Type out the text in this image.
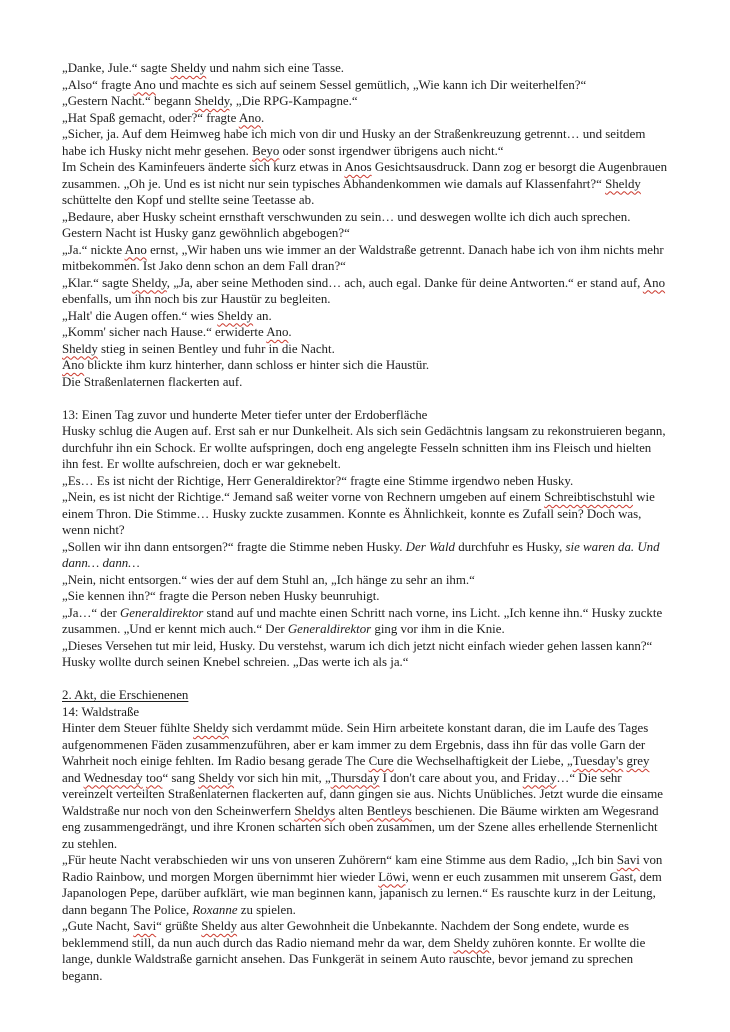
„Danke, Jule.“ sagte Sheldy und nahm sich eine Tasse.
„Also“ fragte Ano und machte es sich auf seinem Sessel gemütlich, „Wie kann ich Dir weiterhelfen?“
„Gestern Nacht.“ begann Sheldy, „Die RPG-Kampagne.“
„Hat Spaß gemacht, oder?“ fragte Ano.
„Sicher, ja. Auf dem Heimweg habe ich mich von dir und Husky an der Straßenkreuzung getrennt… und seitdem habe ich Husky nicht mehr gesehen. Beyo oder sonst irgendwer übrigens auch nicht.“
Im Schein des Kaminfeuers änderte sich kurz etwas in Anos Gesichtsausdruck. Dann zog er besorgt die Augenbrauen zusammen. „Oh je. Und es ist nicht nur sein typisches Abhandenkommen wie damals auf Klassenfahrt?“ Sheldy schüttelte den Kopf und stellte seine Teetasse ab.
„Bedaure, aber Husky scheint ernsthaft verschwunden zu sein… und deswegen wollte ich dich auch sprechen. Gestern Nacht ist Husky ganz gewöhnlich abgebogen?“
„Ja.“ nickte Ano ernst, „Wir haben uns wie immer an der Waldstraße getrennt. Danach habe ich von ihm nichts mehr mitbekommen. Ist Jako denn schon an dem Fall dran?“
„Klar.“ sagte Sheldy, „Ja, aber seine Methoden sind… ach, auch egal. Danke für deine Antworten.“ er stand auf, Ano ebenfalls, um ihn noch bis zur Haustür zu begleiten.
„Halt' die Augen offen.“ wies Sheldy an.
„Komm' sicher nach Hause.“ erwiderte Ano.
Sheldy stieg in seinen Bentley und fuhr in die Nacht.
Ano blickte ihm kurz hinterher, dann schloss er hinter sich die Haustür.
Die Straßenlaternen flackerten auf.

13: Einen Tag zuvor und hunderte Meter tiefer unter der Erdoberfläche
Husky schlug die Augen auf. Erst sah er nur Dunkelheit. Als sich sein Gedächtnis langsam zu rekonstruieren begann, durchfuhr ihn ein Schock. Er wollte aufspringen, doch eng angelegte Fesseln schnitten ihm ins Fleisch und hielten ihn fest. Er wollte aufschreien, doch er war geknebelt.
„Es… Es ist nicht der Richtige, Herr Generaldirektor?“ fragte eine Stimme irgendwo neben Husky.
„Nein, es ist nicht der Richtige.“ Jemand saß weiter vorne von Rechnern umgeben auf einem Schreibtischstuhl wie einem Thron. Die Stimme… Husky zuckte zusammen. Konnte es Ähnlichkeit, konnte es Zufall sein? Doch was, wenn nicht?
„Sollen wir ihn dann entsorgen?“ fragte die Stimme neben Husky. Der Wald durchfuhr es Husky, sie waren da. Und dann… dann…
„Nein, nicht entsorgen.“ wies der auf dem Stuhl an, „Ich hänge zu sehr an ihm.“
„Sie kennen ihn?“ fragte die Person neben Husky beunruhigt.
„Ja…“ der Generaldirektor stand auf und machte einen Schritt nach vorne, ins Licht. „Ich kenne ihn.“ Husky zuckte zusammen. „Und er kennt mich auch.“ Der Generaldirektor ging vor ihm in die Knie.
„Dieses Versehen tut mir leid, Husky. Du verstehst, warum ich dich jetzt nicht einfach wieder gehen lassen kann?“ Husky wollte durch seinen Knebel schreien. „Das werte ich als ja.“

2. Akt, die Erschienenen
14: Waldstraße
Hinter dem Steuer fühlte Sheldy sich verdammt müde. Sein Hirn arbeitete konstant daran, die im Laufe des Tages aufgenommenen Fäden zusammenzuführen, aber er kam immer zu dem Ergebnis, dass ihn für das volle Garn der Wahrheit noch einige fehlten. Im Radio besang gerade The Cure die Wechselhaftigkeit der Liebe, „Tuesday's grey and Wednesday too“ sang Sheldy vor sich hin mit, „Thursday I don't care about you, and Friday…“ Die sehr vereinzelt verteilten Straßenlaternen flackerten auf, dann gingen sie aus. Nichts Unübliches. Jetzt wurde die einsame Waldstraße nur noch von den Scheinwerfern Sheldys alten Bentleys beschienen. Die Bäume wirkten am Wegesrand eng zusammengedrängt, und ihre Kronen scharten sich oben zusammen, um der Szene alles erhellende Sternenlicht zu stehlen.
„Für heute Nacht verabschieden wir uns von unseren Zuhörern“ kam eine Stimme aus dem Radio, „Ich bin Savi von Radio Rainbow, und morgen Morgen übernimmt hier wieder Löwi, wenn er euch zusammen mit unserem Gast, dem Japanologen Pepe, darüber aufklärt, wie man beginnen kann, japanisch zu lernen.“ Es rauschte kurz in der Leitung, dann begann The Police, Roxanne zu spielen.
„Gute Nacht, Savi“ grüßte Sheldy aus alter Gewohnheit die Unbekannte. Nachdem der Song endete, wurde es beklemmend still, da nun auch durch das Radio niemand mehr da war, dem Sheldy zuhören konnte. Er wollte die lange, dunkle Waldstraße garnicht ansehen. Das Funkgerät in seinem Auto rauschte, bevor jemand zu sprechen begann.
